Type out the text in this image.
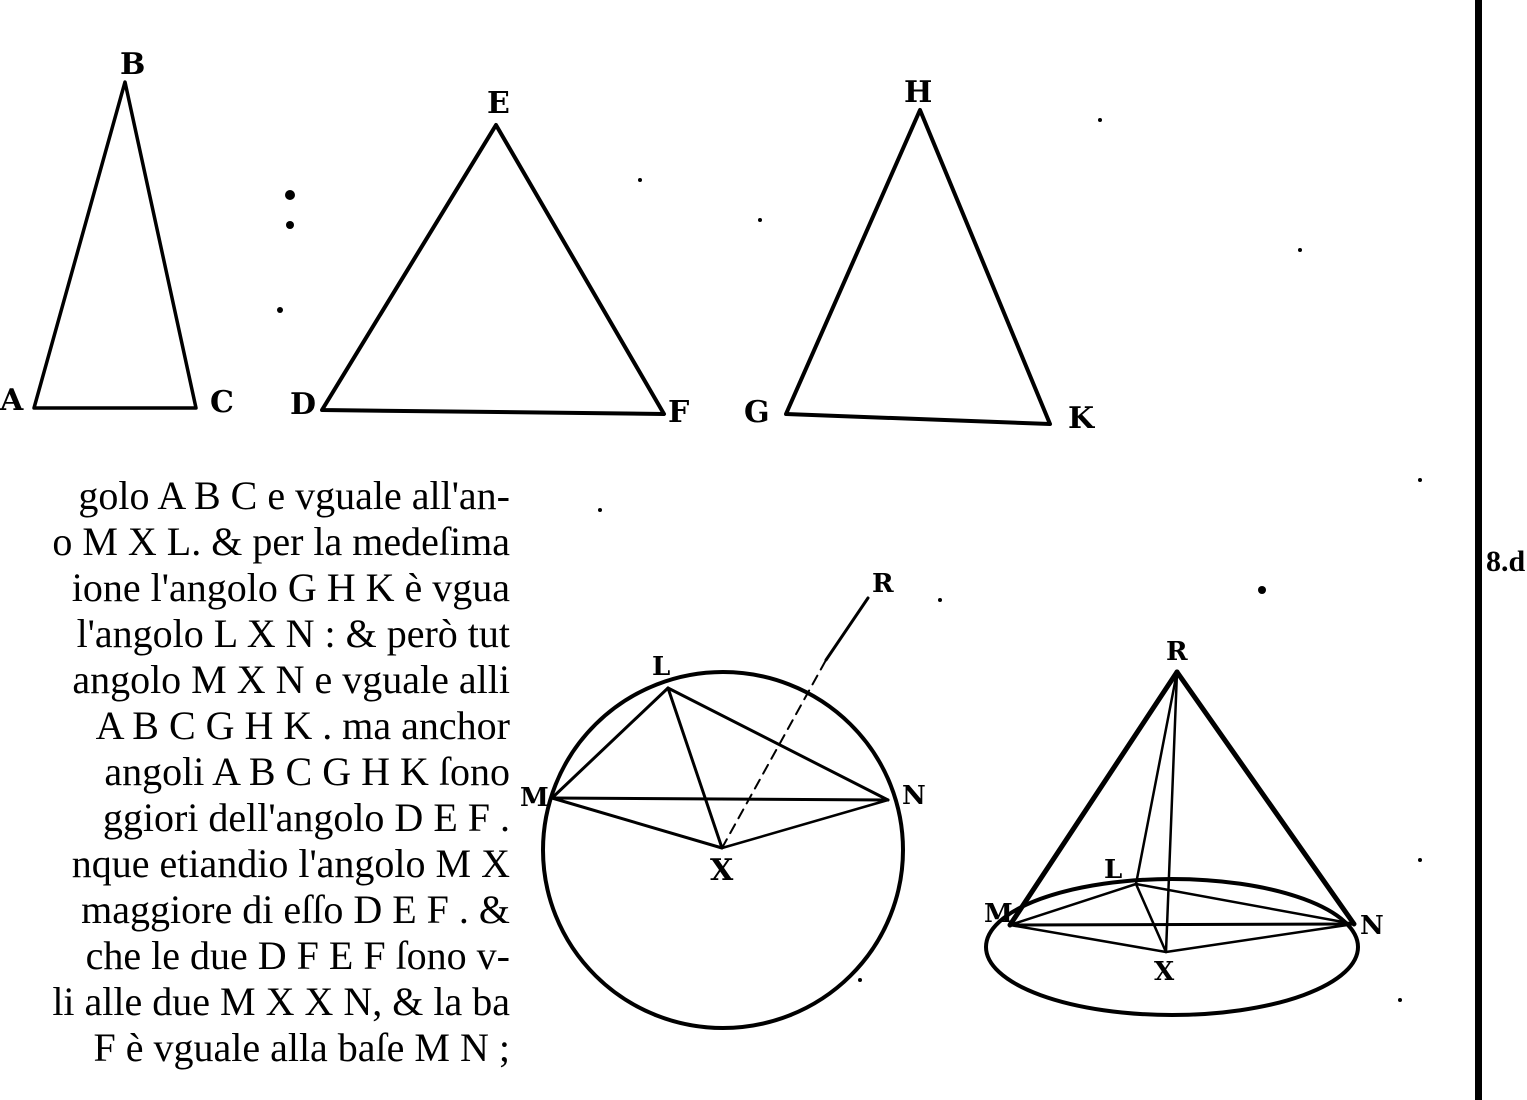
A
B
C D
E
F G
H
K
L
M	N
X
R
R
L
M	N
X
golo A B C e vguale all'an-
o M X L. & per la medeſima
ione l'angolo G H K è vgua
l'angolo L X N : & però tut
angolo M X N e vguale alli
A B C G H K . ma anchor
angoli A B C G H K ſono
ggiori dell'angolo D E F .
nque etiandio l'angolo M X
maggiore di eſſo D E F . &
che le due D F E F ſono v-
li alle due M X X N, & la ba
F è vguale alla baſe M N ;
8.d
